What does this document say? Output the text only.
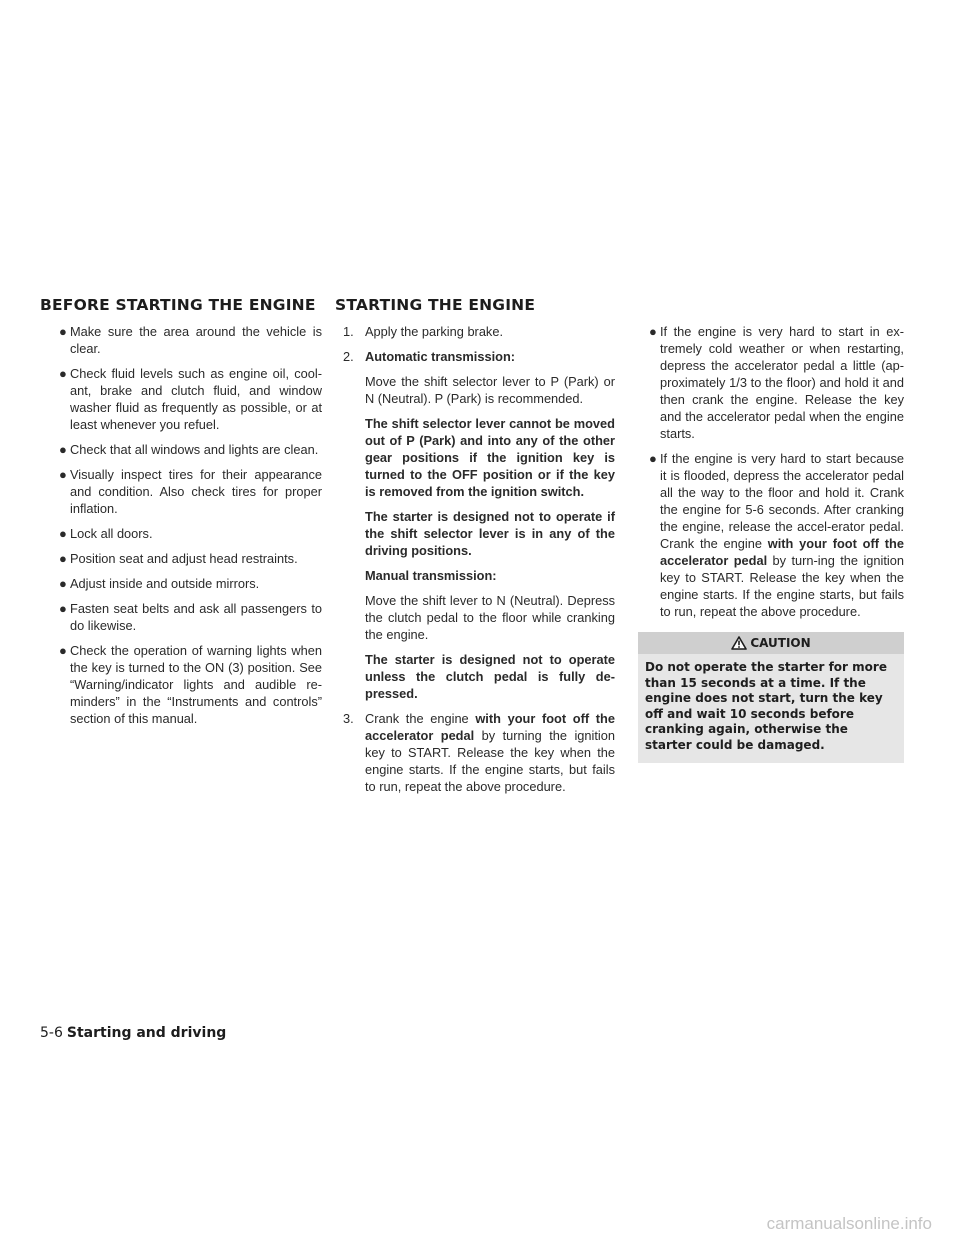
BEFORE STARTING THE ENGINE STARTING THE ENGINE
● Make sure the area around the vehicle is clear.
● Check fluid levels such as engine oil, cool-ant, brake and clutch fluid, and window washer fluid as frequently as possible, or at least whenever you refuel.
● Check that all windows and lights are clean.
● Visually inspect tires for their appearance and condition. Also check tires for proper inflation.
● Lock all doors.
● Position seat and adjust head restraints.
● Adjust inside and outside mirrors.
● Fasten seat belts and ask all passengers to do likewise.
● Check the operation of warning lights when the key is turned to the ON (3) position. See “Warning/indicator lights and audible re-minders” in the “Instruments and controls” section of this manual.
1. Apply the parking brake.
2. Automatic transmission:

Move the shift selector lever to P (Park) or N (Neutral). P (Park) is recommended.

The shift selector lever cannot be moved out of P (Park) and into any of the other gear positions if the ignition key is turned to the OFF position or if the key is removed from the ignition switch.

The starter is designed not to operate if the shift selector lever is in any of the driving positions.

Manual transmission:

Move the shift lever to N (Neutral). Depress the clutch pedal to the floor while cranking the engine.

The starter is designed not to operate unless the clutch pedal is fully de-pressed.

3. Crank the engine with your foot off the accelerator pedal by turning the ignition key to START. Release the key when the engine starts. If the engine starts, but fails to run, repeat the above procedure.
● If the engine is very hard to start in ex-tremely cold weather or when restarting, depress the accelerator pedal a little (ap-proximately 1/3 to the floor) and hold it and then crank the engine. Release the key and the accelerator pedal when the engine starts.
● If the engine is very hard to start because it is flooded, depress the accelerator pedal all the way to the floor and hold it. Crank the engine for 5-6 seconds. After cranking the engine, release the accel-erator pedal. Crank the engine with your foot off the accelerator pedal by turn-ing the ignition key to START. Release the key when the engine starts. If the engine starts, but fails to run, repeat the above procedure.
CAUTION
Do not operate the starter for more than 15 seconds at a time. If the engine does not start, turn the key off and wait 10 seconds before cranking again, otherwise the starter could be damaged.
5-6 Starting and driving
carmanualsonline.info
